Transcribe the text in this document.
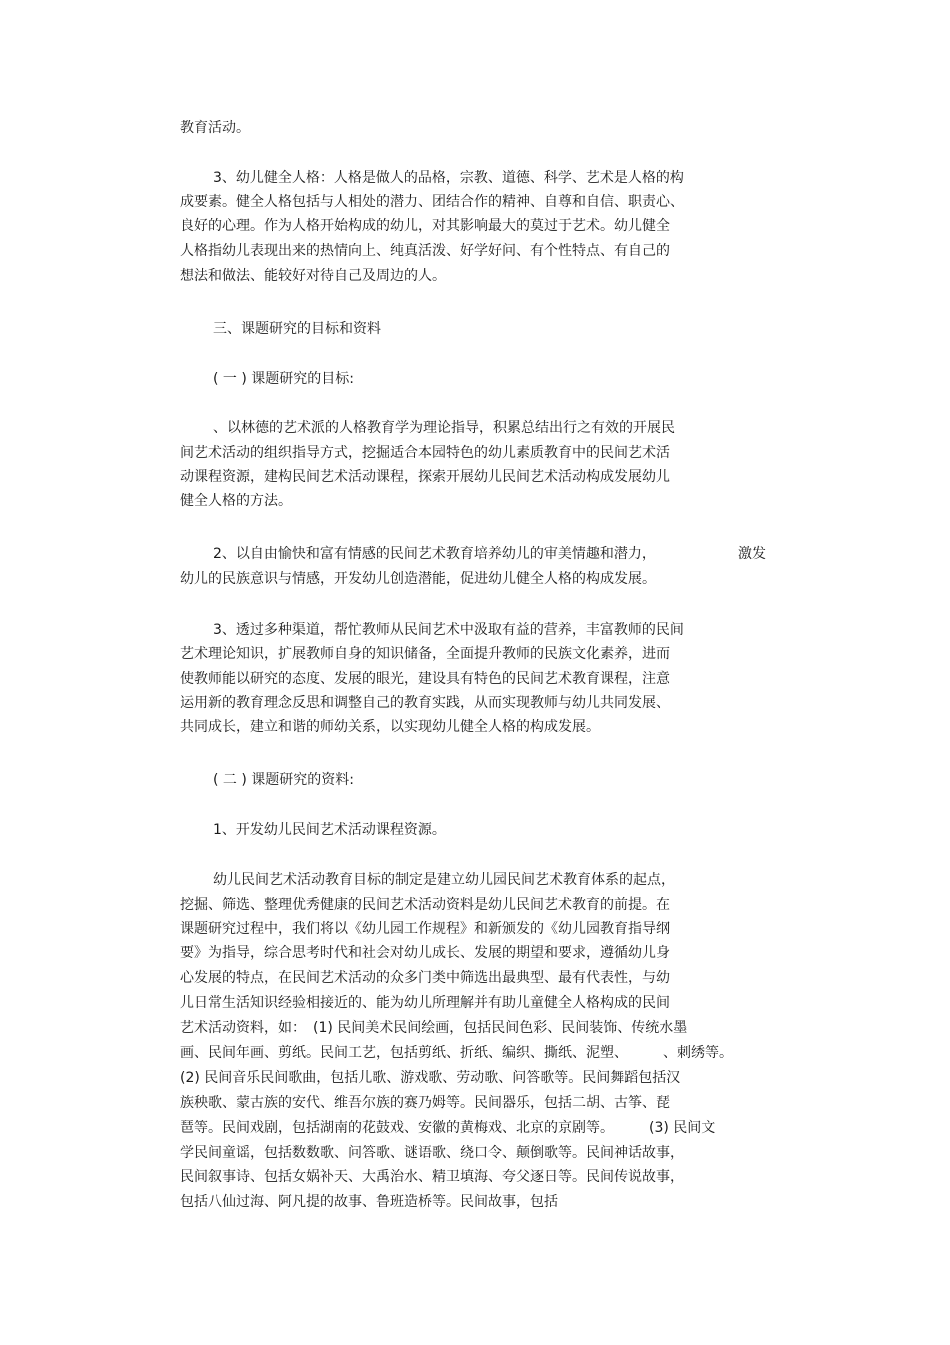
教育活动。
3、幼儿健全人格：人格是做人的品格，宗教、道德、科学、艺术是人格的构
成要素。健全人格包括与人相处的潜力、团结合作的精神、自尊和自信、职责心、
良好的心理。作为人格开始构成的幼儿，对其影响最大的莫过于艺术。幼儿健全
人格指幼儿表现出来的热情向上、纯真活泼、好学好问、有个性特点、有自己的
想法和做法、能较好对待自己及周边的人。
三、课题研究的目标和资料
( 一 ) 课题研究的目标:
、以林德的艺术派的人格教育学为理论指导，积累总结出行之有效的开展民
间艺术活动的组织指导方式，挖掘适合本园特色的幼儿素质教育中的民间艺术活
动课程资源，建构民间艺术活动课程，探索开展幼儿民间艺术活动构成发展幼儿
健全人格的方法。
2、以自由愉快和富有情感的民间艺术教育培养幼儿的审美情趣和潜力，	激发
幼儿的民族意识与情感，开发幼儿创造潜能，促进幼儿健全人格的构成发展。
3、透过多种渠道，帮忙教师从民间艺术中汲取有益的营养，丰富教师的民间
艺术理论知识，扩展教师自身的知识储备，全面提升教师的民族文化素养，进而
使教师能以研究的态度、发展的眼光，建设具有特色的民间艺术教育课程，注意
运用新的教育理念反思和调整自己的教育实践，从而实现教师与幼儿共同发展、
共同成长，建立和谐的师幼关系，以实现幼儿健全人格的构成发展。
( 二 ) 课题研究的资料:
1、开发幼儿民间艺术活动课程资源。
幼儿民间艺术活动教育目标的制定是建立幼儿园民间艺术教育体系的起点，
挖掘、筛选、整理优秀健康的民间艺术活动资料是幼儿民间艺术教育的前提。在
课题研究过程中，我们将以《幼儿园工作规程》和新颁发的《幼儿园教育指导纲
要》为指导，综合思考时代和社会对幼儿成长、发展的期望和要求，遵循幼儿身
心发展的特点，在民间艺术活动的众多门类中筛选出最典型、最有代表性，与幼
儿日常生活知识经验相接近的、能为幼儿所理解并有助儿童健全人格构成的民间
艺术活动资料，如：　(1) 民间美术民间绘画，包括民间色彩、民间装饰、传统水墨
画、民间年画、剪纸。民间工艺，包括剪纸、折纸、编织、撕纸、泥塑、　　　、刺绣等。
(2) 民间音乐民间歌曲，包括儿歌、游戏歌、劳动歌、问答歌等。民间舞蹈包括汉
族秧歌、蒙古族的安代、维吾尔族的赛乃姆等。民间器乐，包括二胡、古筝、琵
琶等。民间戏剧，包括湖南的花鼓戏、安徽的黄梅戏、北京的京剧等。　　　(3) 民间文
学民间童谣，包括数数歌、问答歌、谜语歌、绕口令、颠倒歌等。民间神话故事，
民间叙事诗、包括女娲补天、大禹治水、精卫填海、夸父逐日等。民间传说故事，
包括八仙过海、阿凡提的故事、鲁班造桥等。民间故事，包括
